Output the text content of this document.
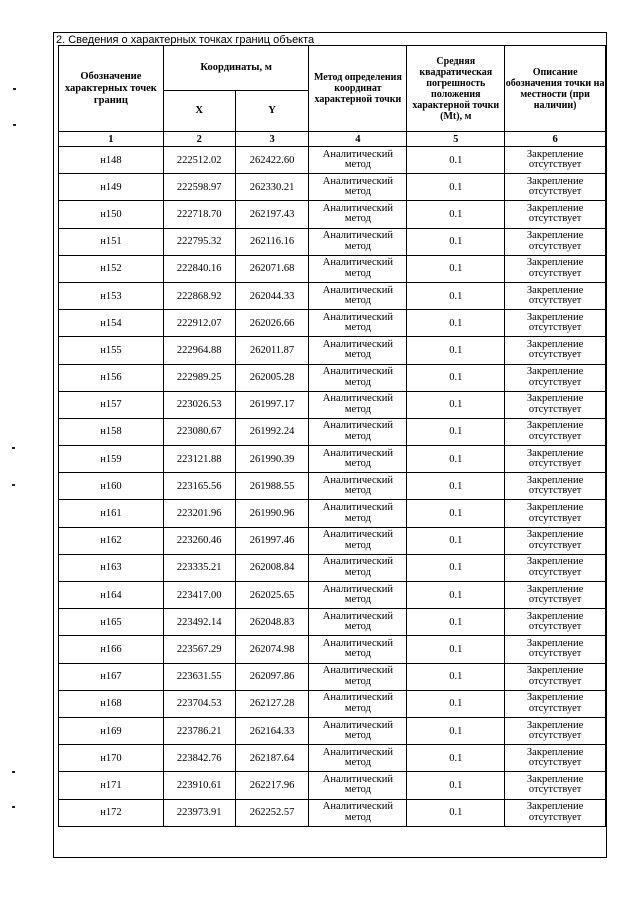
2. Сведения о характерных точках границ объекта
Обозначение характерных точек границ	Координаты, м		Метод определения координат характерной точки	Средняя квадратическая погрешность положения характерной точки (Mt), м	Описание обозначения точки на местности (при наличии)
	X	Y			
1	2	3	4	5	6
н148	222512.02	262422.60	Аналитический метод	0.1	Закрепление отсутствует
н149	222598.97	262330.21	Аналитический метод	0.1	Закрепление отсутствует
н150	222718.70	262197.43	Аналитический метод	0.1	Закрепление отсутствует
н151	222795.32	262116.16	Аналитический метод	0.1	Закрепление отсутствует
н152	222840.16	262071.68	Аналитический метод	0.1	Закрепление отсутствует
н153	222868.92	262044.33	Аналитический метод	0.1	Закрепление отсутствует
н154	222912.07	262026.66	Аналитический метод	0.1	Закрепление отсутствует
н155	222964.88	262011.87	Аналитический метод	0.1	Закрепление отсутствует
н156	222989.25	262005.28	Аналитический метод	0.1	Закрепление отсутствует
н157	223026.53	261997.17	Аналитический метод	0.1	Закрепление отсутствует
н158	223080.67	261992.24	Аналитический метод	0.1	Закрепление отсутствует
н159	223121.88	261990.39	Аналитический метод	0.1	Закрепление отсутствует
н160	223165.56	261988.55	Аналитический метод	0.1	Закрепление отсутствует
н161	223201.96	261990.96	Аналитический метод	0.1	Закрепление отсутствует
н162	223260.46	261997.46	Аналитический метод	0.1	Закрепление отсутствует
н163	223335.21	262008.84	Аналитический метод	0.1	Закрепление отсутствует
н164	223417.00	262025.65	Аналитический метод	0.1	Закрепление отсутствует
н165	223492.14	262048.83	Аналитический метод	0.1	Закрепление отсутствует
н166	223567.29	262074.98	Аналитический метод	0.1	Закрепление отсутствует
н167	223631.55	262097.86	Аналитический метод	0.1	Закрепление отсутствует
н168	223704.53	262127.28	Аналитический метод	0.1	Закрепление отсутствует
н169	223786.21	262164.33	Аналитический метод	0.1	Закрепление отсутствует
н170	223842.76	262187.64	Аналитический метод	0.1	Закрепление отсутствует
н171	223910.61	262217.96	Аналитический метод	0.1	Закрепление отсутствует
н172	223973.91	262252.57	Аналитический метод	0.1	Закрепление отсутствует
